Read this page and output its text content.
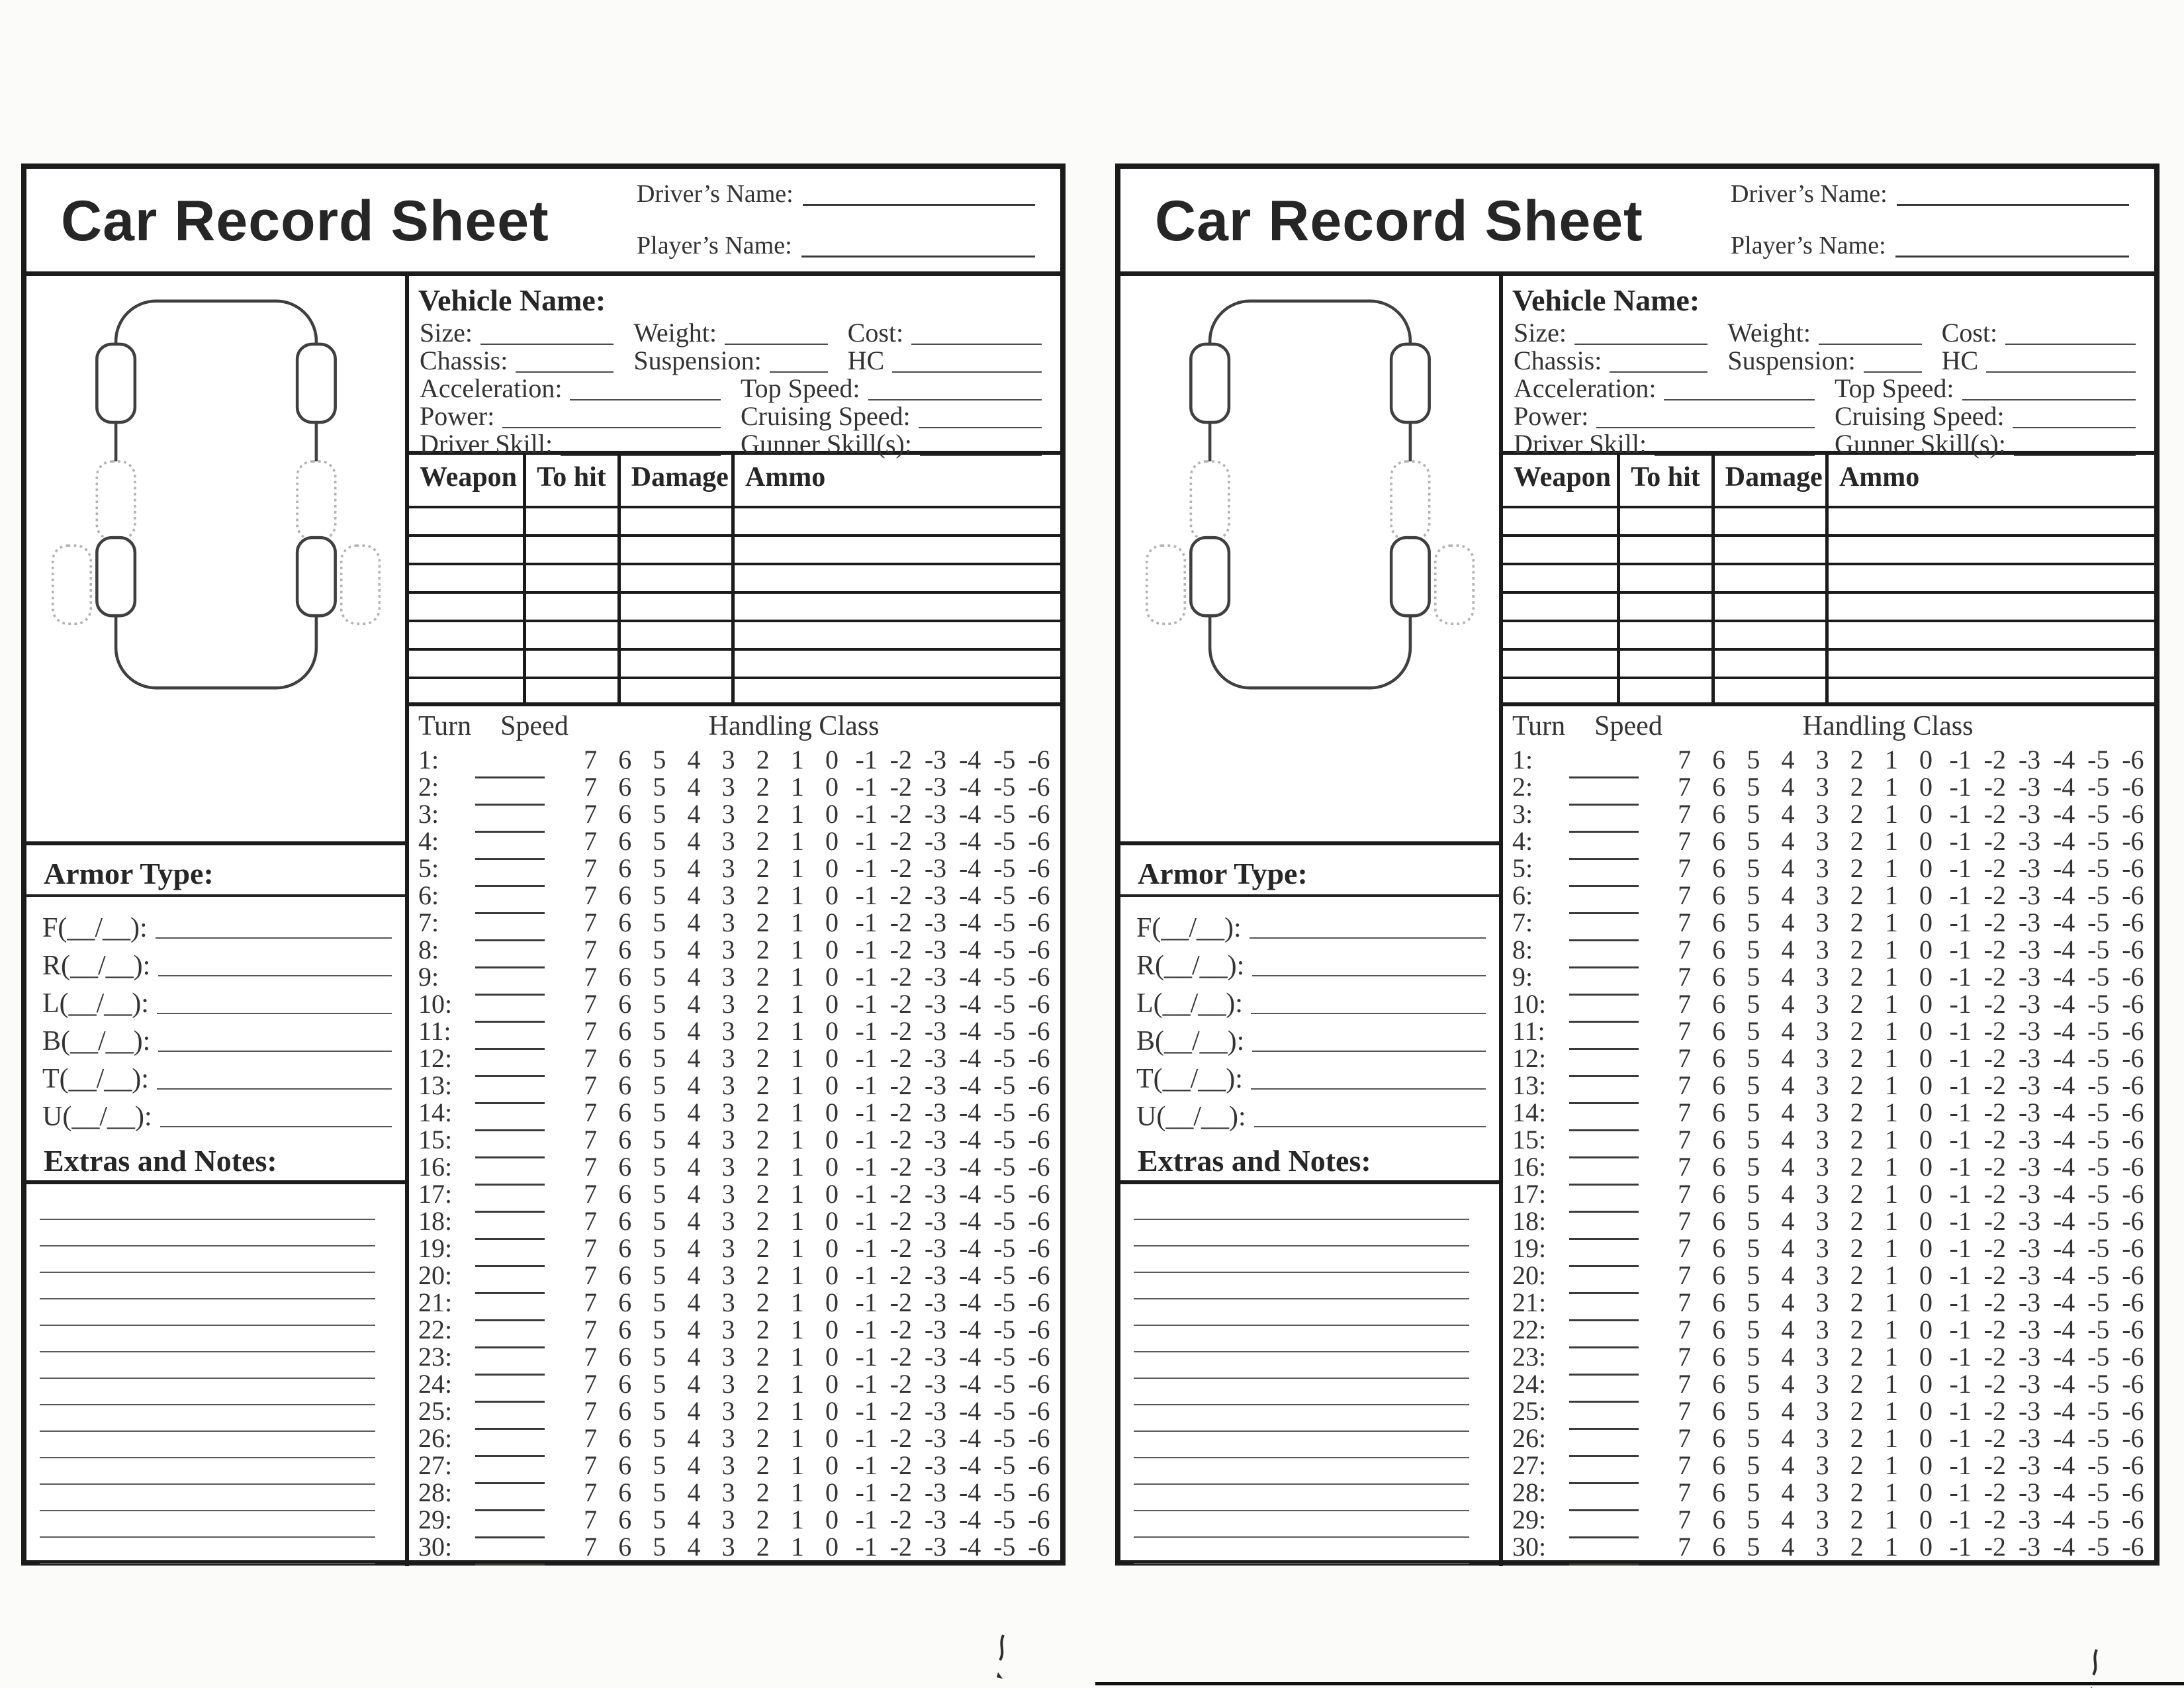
Car Record Sheet	Driver’s Name:
Player’s Name:
Armor Type:
F(__/__):
R(__/__):
L(__/__):
B(__/__):
T(__/__):
U(__/__):
Extras and Notes:
Vehicle Name:
Size:	Weight:	Cost:
Chassis:	Suspension:	HC
Acceleration:	Top Speed:
Power:	Cruising Speed:
Driver Skill:	Gunner Skill(s):
Weapon To hit Damage Ammo
Turn Speed	Handling Class
1:	7 6 5 4 3 2 1 0 -1 -2 -3 -4 -5 -6
2:	7 6 5 4 3 2 1 0 -1 -2 -3 -4 -5 -6
3:	7 6 5 4 3 2 1 0 -1 -2 -3 -4 -5 -6
4:	7 6 5 4 3 2 1 0 -1 -2 -3 -4 -5 -6
5:	7 6 5 4 3 2 1 0 -1 -2 -3 -4 -5 -6
6:	7 6 5 4 3 2 1 0 -1 -2 -3 -4 -5 -6
7:	7 6 5 4 3 2 1 0 -1 -2 -3 -4 -5 -6
8:	7 6 5 4 3 2 1 0 -1 -2 -3 -4 -5 -6
9:	7 6 5 4 3 2 1 0 -1 -2 -3 -4 -5 -6
10:	7 6 5 4 3 2 1 0 -1 -2 -3 -4 -5 -6
11:	7 6 5 4 3 2 1 0 -1 -2 -3 -4 -5 -6
12:	7 6 5 4 3 2 1 0 -1 -2 -3 -4 -5 -6
13:	7 6 5 4 3 2 1 0 -1 -2 -3 -4 -5 -6
14:	7 6 5 4 3 2 1 0 -1 -2 -3 -4 -5 -6
15:	7 6 5 4 3 2 1 0 -1 -2 -3 -4 -5 -6
16:	7 6 5 4 3 2 1 0 -1 -2 -3 -4 -5 -6
17:	7 6 5 4 3 2 1 0 -1 -2 -3 -4 -5 -6
18:	7 6 5 4 3 2 1 0 -1 -2 -3 -4 -5 -6
19:	7 6 5 4 3 2 1 0 -1 -2 -3 -4 -5 -6
20:	7 6 5 4 3 2 1 0 -1 -2 -3 -4 -5 -6
21:	7 6 5 4 3 2 1 0 -1 -2 -3 -4 -5 -6
22:	7 6 5 4 3 2 1 0 -1 -2 -3 -4 -5 -6
23:	7 6 5 4 3 2 1 0 -1 -2 -3 -4 -5 -6
24:	7 6 5 4 3 2 1 0 -1 -2 -3 -4 -5 -6
25:	7 6 5 4 3 2 1 0 -1 -2 -3 -4 -5 -6
26:	7 6 5 4 3 2 1 0 -1 -2 -3 -4 -5 -6
27:	7 6 5 4 3 2 1 0 -1 -2 -3 -4 -5 -6
28:	7 6 5 4 3 2 1 0 -1 -2 -3 -4 -5 -6
29:	7 6 5 4 3 2 1 0 -1 -2 -3 -4 -5 -6
30:	7 6 5 4 3 2 1 0 -1 -2 -3 -4 -5 -6
Car Record Sheet	Driver’s Name:
Player’s Name:
Armor Type:
F(__/__):
R(__/__):
L(__/__):
B(__/__):
T(__/__):
U(__/__):
Extras and Notes:
Vehicle Name:
Size:	Weight:	Cost:
Chassis:	Suspension:	HC
Acceleration:	Top Speed:
Power:	Cruising Speed:
Driver Skill:	Gunner Skill(s):
Weapon To hit Damage Ammo
Turn Speed	Handling Class
1:	7 6 5 4 3 2 1 0 -1 -2 -3 -4 -5 -6
2:	7 6 5 4 3 2 1 0 -1 -2 -3 -4 -5 -6
3:	7 6 5 4 3 2 1 0 -1 -2 -3 -4 -5 -6
4:	7 6 5 4 3 2 1 0 -1 -2 -3 -4 -5 -6
5:	7 6 5 4 3 2 1 0 -1 -2 -3 -4 -5 -6
6:	7 6 5 4 3 2 1 0 -1 -2 -3 -4 -5 -6
7:	7 6 5 4 3 2 1 0 -1 -2 -3 -4 -5 -6
8:	7 6 5 4 3 2 1 0 -1 -2 -3 -4 -5 -6
9:	7 6 5 4 3 2 1 0 -1 -2 -3 -4 -5 -6
10:	7 6 5 4 3 2 1 0 -1 -2 -3 -4 -5 -6
11:	7 6 5 4 3 2 1 0 -1 -2 -3 -4 -5 -6
12:	7 6 5 4 3 2 1 0 -1 -2 -3 -4 -5 -6
13:	7 6 5 4 3 2 1 0 -1 -2 -3 -4 -5 -6
14:	7 6 5 4 3 2 1 0 -1 -2 -3 -4 -5 -6
15:	7 6 5 4 3 2 1 0 -1 -2 -3 -4 -5 -6
16:	7 6 5 4 3 2 1 0 -1 -2 -3 -4 -5 -6
17:	7 6 5 4 3 2 1 0 -1 -2 -3 -4 -5 -6
18:	7 6 5 4 3 2 1 0 -1 -2 -3 -4 -5 -6
19:	7 6 5 4 3 2 1 0 -1 -2 -3 -4 -5 -6
20:	7 6 5 4 3 2 1 0 -1 -2 -3 -4 -5 -6
21:	7 6 5 4 3 2 1 0 -1 -2 -3 -4 -5 -6
22:	7 6 5 4 3 2 1 0 -1 -2 -3 -4 -5 -6
23:	7 6 5 4 3 2 1 0 -1 -2 -3 -4 -5 -6
24:	7 6 5 4 3 2 1 0 -1 -2 -3 -4 -5 -6
25:	7 6 5 4 3 2 1 0 -1 -2 -3 -4 -5 -6
26:	7 6 5 4 3 2 1 0 -1 -2 -3 -4 -5 -6
27:	7 6 5 4 3 2 1 0 -1 -2 -3 -4 -5 -6
28:	7 6 5 4 3 2 1 0 -1 -2 -3 -4 -5 -6
29:	7 6 5 4 3 2 1 0 -1 -2 -3 -4 -5 -6
30:	7 6 5 4 3 2 1 0 -1 -2 -3 -4 -5 -6
